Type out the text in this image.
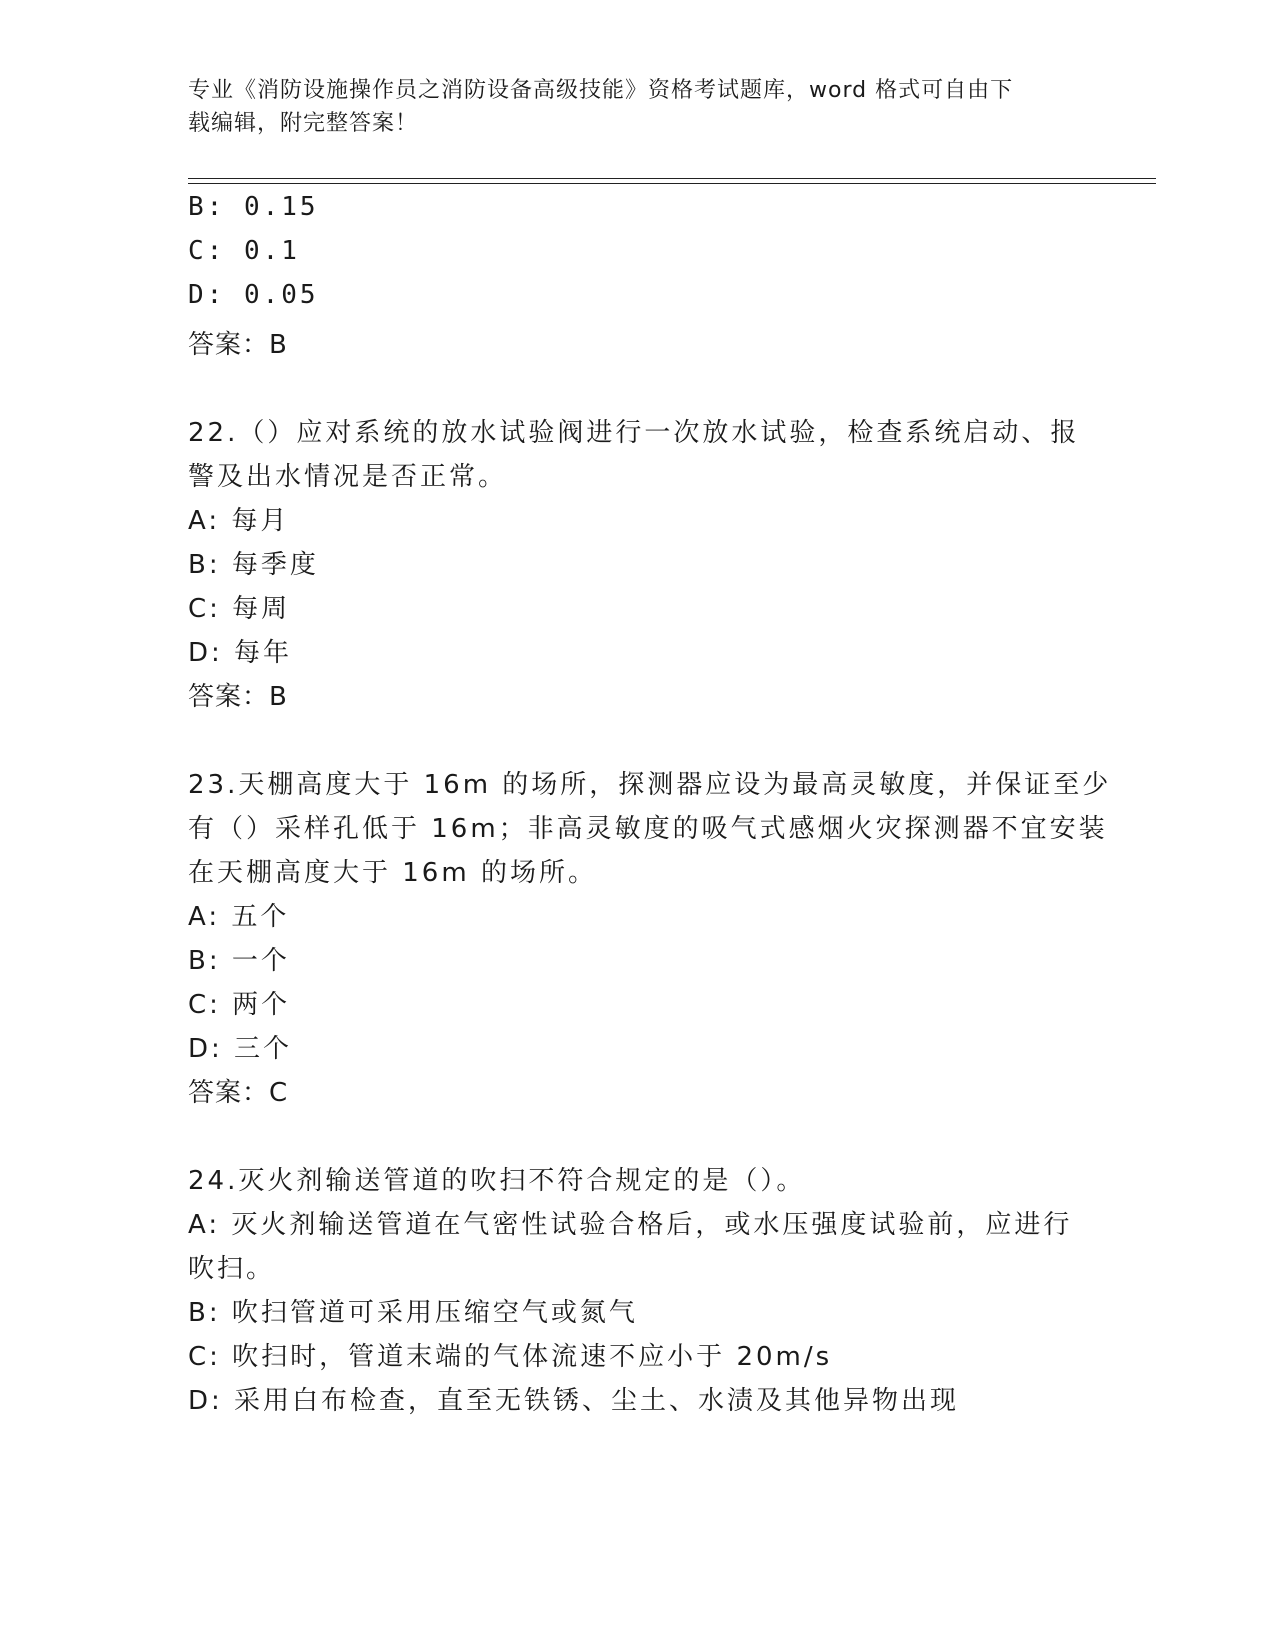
专业《消防设施操作员之消防设备高级技能》资格考试题库，word 格式可自由下
载编辑，附完整答案！
B: 0.15
C: 0.1
D: 0.05
答案：B
22.（）应对系统的放水试验阀进行一次放水试验，检查系统启动、报
警及出水情况是否正常。
A: 每月
B: 每季度
C: 每周
D: 每年
答案：B
23.天棚高度大于 16m 的场所，探测器应设为最高灵敏度，并保证至少
有（）采样孔低于 16m；非高灵敏度的吸气式感烟火灾探测器不宜安装
在天棚高度大于 16m 的场所。
A: 五个
B: 一个
C: 两个
D: 三个
答案：C
24.灭火剂输送管道的吹扫不符合规定的是（）。
A: 灭火剂输送管道在气密性试验合格后，或水压强度试验前，应进行
吹扫。
B: 吹扫管道可采用压缩空气或氮气
C: 吹扫时，管道末端的气体流速不应小于 20m/s
D: 采用白布检查，直至无铁锈、尘土、水渍及其他异物出现
